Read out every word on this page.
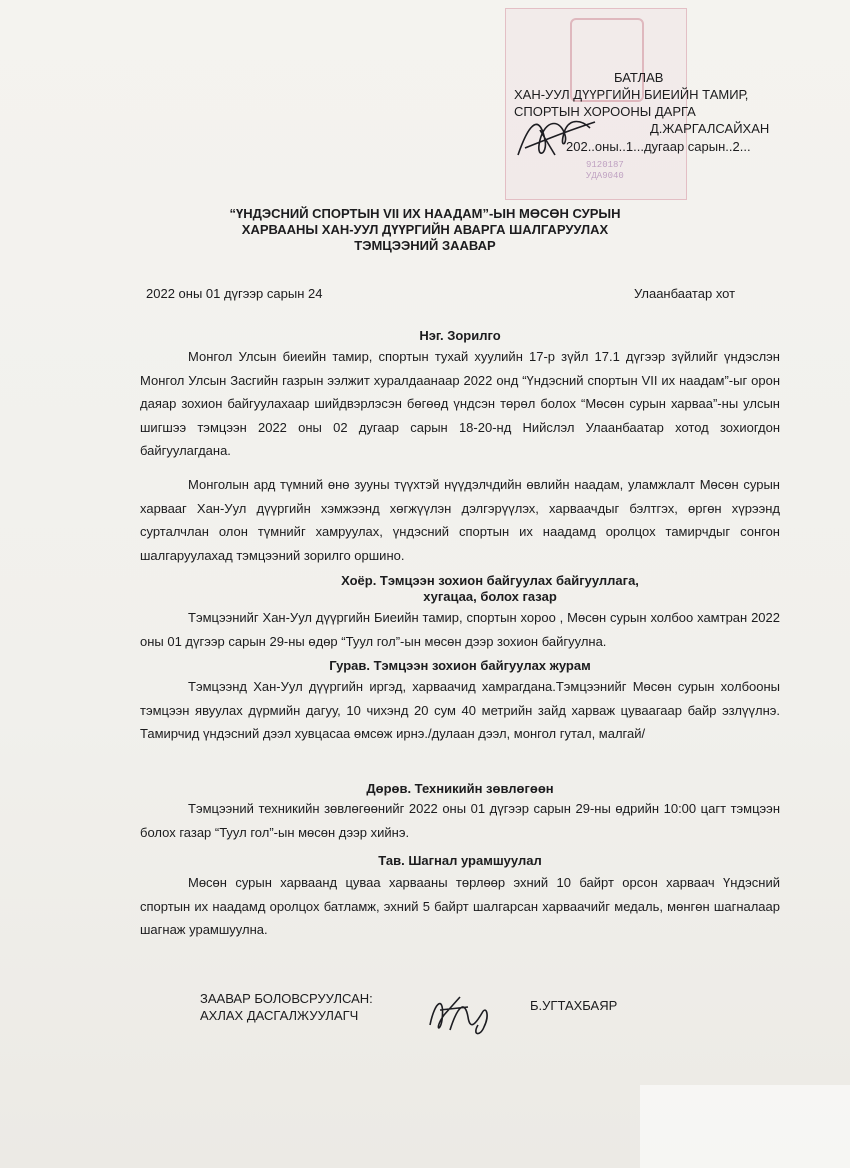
9120187
УДА9040
БАТЛАВ
ХАН-УУЛ ДҮҮРГИЙН БИЕИЙН ТАМИР,
СПОРТЫН ХОРООНЫ ДАРГА
Д.ЖАРГАЛСАЙХАН
202..оны..1...дугаар сарын..2...
“ҮНДЭСНИЙ СПОРТЫН VII ИХ НААДАМ”-ЫН МӨСӨН СУРЫН
ХАРВААНЫ ХАН-УУЛ ДҮҮРГИЙН АВАРГА ШАЛГАРУУЛАХ
ТЭМЦЭЭНИЙ ЗААВАР
2022 оны 01 дүгээр сарын 24	Улаанбаатар хот
Нэг. Зорилго
Монгол Улсын биеийн тамир, спортын тухай хуулийн 17-р зүйл 17.1 дүгээр зүйлийг үндэслэн Монгол Улсын Засгийн газрын ээлжит хуралдаанаар 2022 онд “Үндэсний спортын VII их наадам”-ыг орон даяар зохион байгуулахаар шийдвэрлэсэн бөгөөд үндсэн төрөл болох “Мөсөн сурын харваа”-ны улсын шигшээ тэмцээн 2022 оны 02 дугаар сарын 18-20-нд Нийслэл Улаанбаатар хотод зохиогдон байгуулагдана.
Монголын ард түмний өнө зууны түүхтэй нүүдэлчдийн өвлийн наадам, уламжлалт Мөсөн сурын харвааг Хан-Уул дүүргийн хэмжээнд хөгжүүлэн дэлгэрүүлэх, харваачдыг бэлтгэх, өргөн хүрээнд сурталчлан олон түмнийг хамруулах, үндэсний спортын их наадамд оролцох тамирчдыг сонгон шалгаруулахад тэмцээний зорилго оршино.
Хоёр. Тэмцээн зохион байгуулах байгууллага,
хугацаа, болох газар
Тэмцээнийг Хан-Уул дүүргийн Биеийн тамир, спортын хороо , Мөсөн сурын холбоо хамтран 2022 оны 01 дүгээр сарын 29-ны өдөр “Туул гол”-ын мөсөн дээр зохион байгуулна.
Гурав. Тэмцээн зохион байгуулах журам
Тэмцээнд Хан-Уул дүүргийн иргэд, харваачид хамрагдана.Тэмцээнийг Мөсөн сурын холбооны тэмцээн явуулах дүрмийн дагуу, 10 чихэнд 20 сум 40 метрийн зайд харваж цуваагаар байр эзлүүлнэ. Тамирчид үндэсний дээл хувцасаа өмсөж ирнэ./дулаан дээл, монгол гутал, малгай/
Дөрөв. Техникийн зөвлөгөөн
Тэмцээний техникийн зөвлөгөөнийг 2022 оны 01 дүгээр сарын 29-ны өдрийн 10:00 цагт тэмцээн болох газар “Туул гол”-ын мөсөн дээр хийнэ.
Тав. Шагнал урамшуулал
Мөсөн сурын харваанд цуваа харвааны төрлөөр эхний 10 байрт орсон харваач Үндэсний спортын их наадамд оролцох батламж, эхний 5 байрт шалгарсан харваачийг медаль, мөнгөн шагналаар шагнаж урамшуулна.
ЗААВАР БОЛОВСРУУЛСАН:
АХЛАХ ДАСГАЛЖУУЛАГЧ
Б.УГТАХБАЯР
